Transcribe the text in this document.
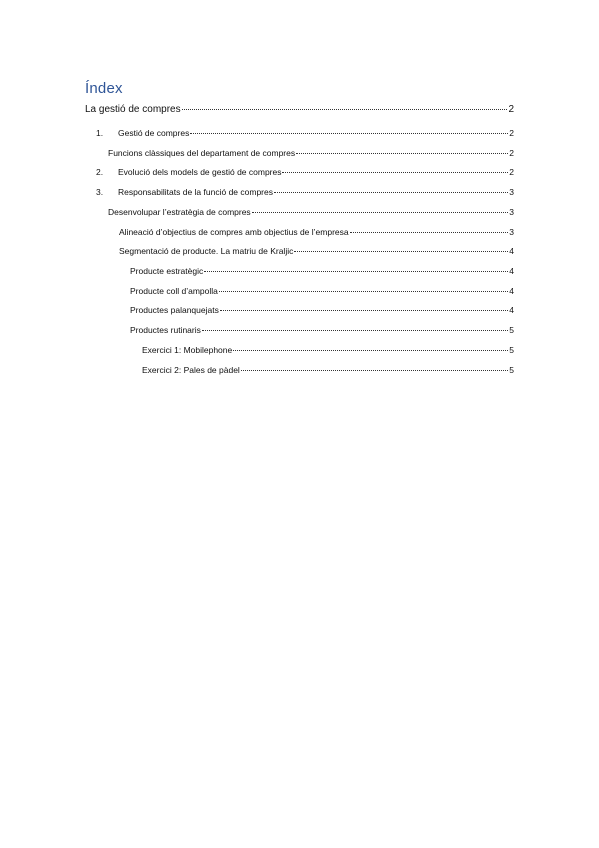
Índex
La gestió de compres	2
1.	Gestió de compres	2
Funcions clàssiques del departament de compres	2
2.	Evolució dels models de gestió de compres	2
3.	Responsabilitats de la funció de compres	3
Desenvolupar l’estratègia de compres	3
Alineació d’objectius de compres amb objectius de l’empresa	3
Segmentació de producte. La matriu de Kraljic	4
Producte estratègic	4
Producte coll d’ampolla	4
Productes palanquejats	4
Productes rutinaris	5
Exercici 1: Mobilephone	5
Exercici 2: Pales de pàdel	5
